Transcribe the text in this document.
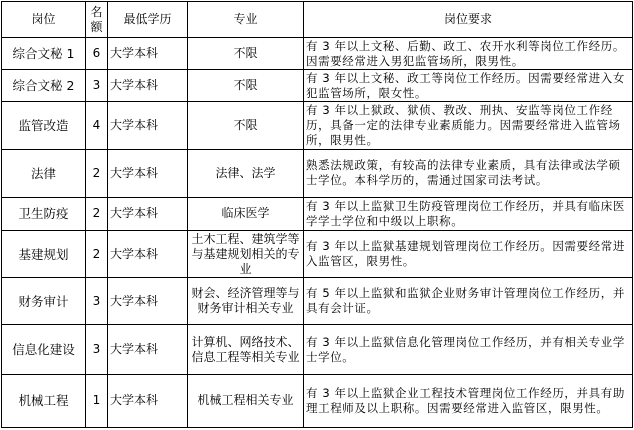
岗位	名额	最低学历	专业	岗位要求
综合文秘 1	6	大学本科	不限	有 3 年以上文秘、后勤、政工、农开水利等岗位工作经历。因需要经常进入男犯监管场所，限男性。
综合文秘 2	3	大学本科	不限	有 3 年以上文秘、政工等岗位工作经历。因需要经常进入女犯监管场所，限女性。
监管改造	4	大学本科	不限	有 3 年以上狱政、狱侦、教改、刑执、安监等岗位工作经历，具备一定的法律专业素质能力。因需要经常进入监管场所，限男性。
法律	2	大学本科	法律、法学	熟悉法规政策，有较高的法律专业素质，具有法律或法学硕士学位。本科学历的，需通过国家司法考试。
卫生防疫	2	大学本科	临床医学	有 3 年以上监狱卫生防疫管理岗位工作经历，并具有临床医学学士学位和中级以上职称。
基建规划	2	大学本科	土木工程、建筑学等与基建规划相关的专业	有 3 年以上监狱基建规划管理岗位工作经历。因需要经常进入监管区，限男性。
财务审计	3	大学本科	财会、经济管理等与财务审计相关专业	有 5 年以上监狱和监狱企业财务审计管理岗位工作经历，并具有会计证。
信息化建设	3	大学本科	计算机、网络技术、信息工程等相关专业	有 3 年以上监狱信息化管理岗位工作经历，并有相关专业学士学位。
机械工程	1	大学本科	机械工程相关专业	有 3 年以上监狱企业工程技术管理岗位工作经历，并具有助理工程师及以上职称。因需要经常进入监管区，限男性。
